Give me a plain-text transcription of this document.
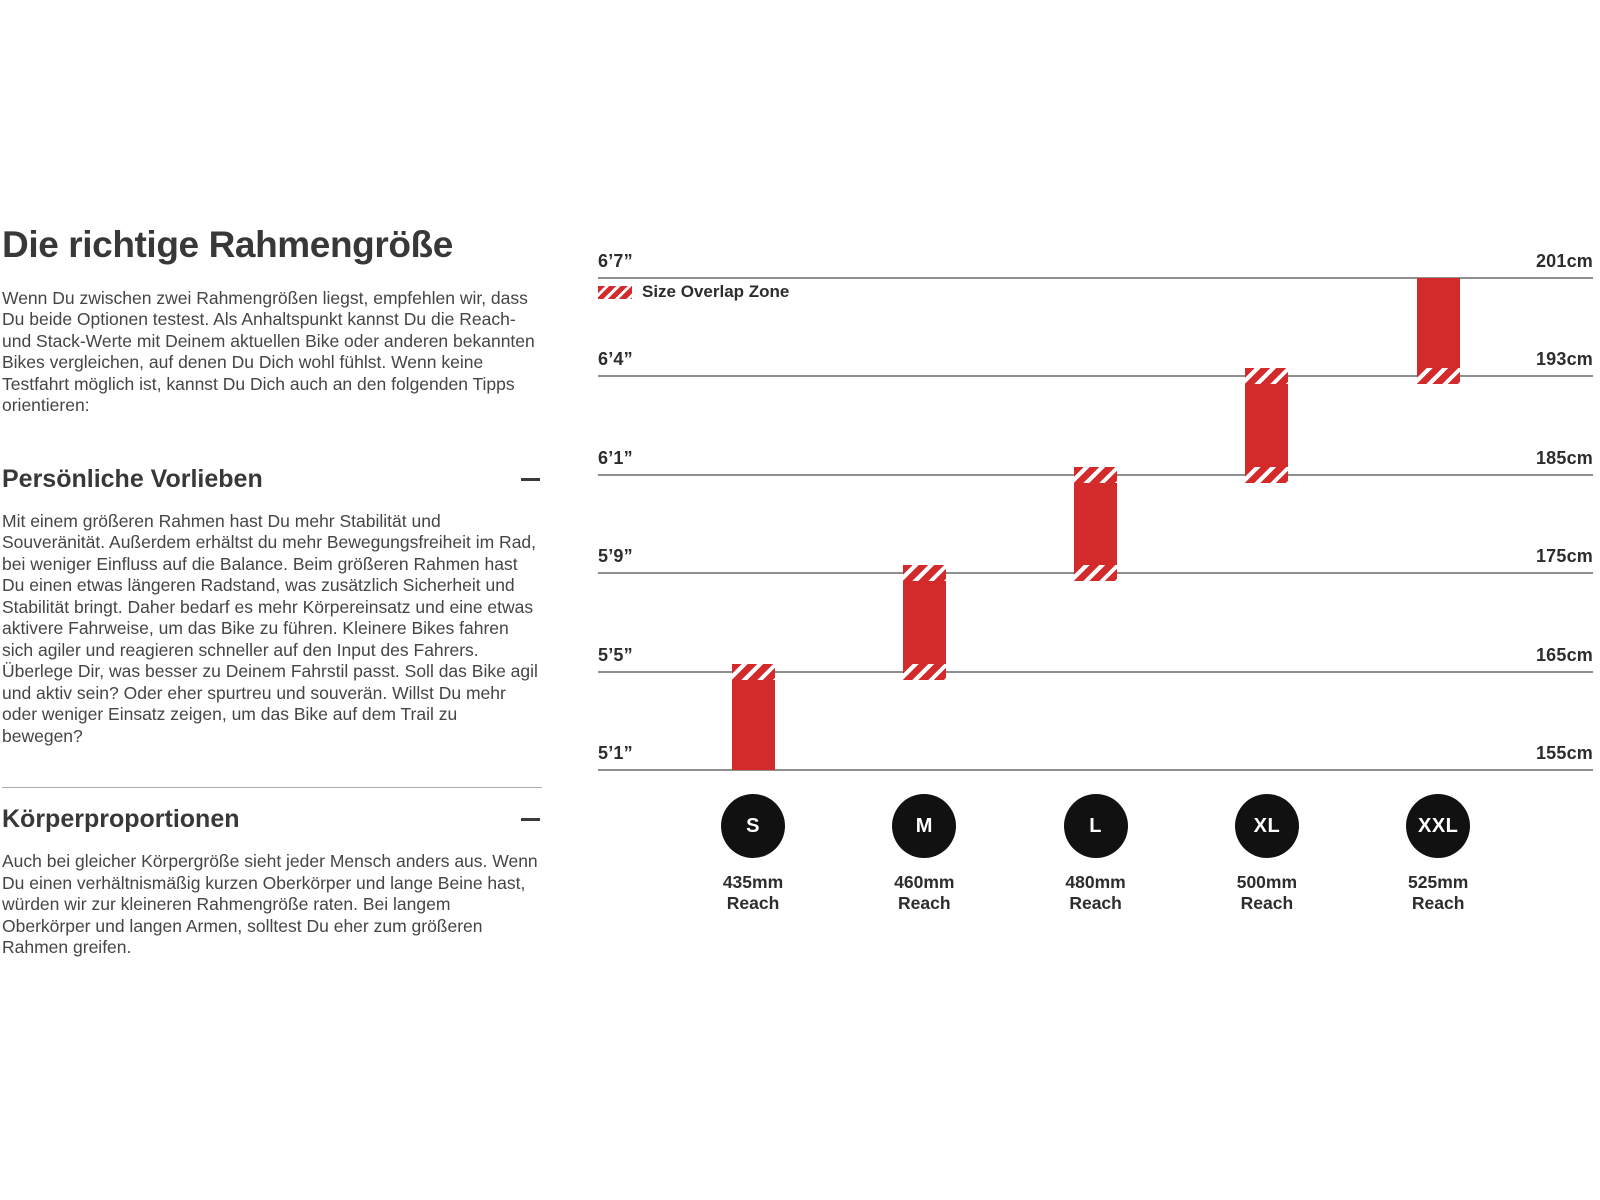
Die richtige Rahmengröße

Wenn Du zwischen zwei Rahmengrößen liegst, empfehlen wir, dass Du beide Optionen testest. Als Anhaltspunkt kannst Du die Reach- und Stack-Werte mit Deinem aktuellen Bike oder anderen bekannten Bikes vergleichen, auf denen Du Dich wohl fühlst. Wenn keine Testfahrt möglich ist, kannst Du Dich auch an den folgenden Tipps orientieren:

Persönliche Vorlieben

Mit einem größeren Rahmen hast Du mehr Stabilität und Souveränität. Außerdem erhältst du mehr Bewegungsfreiheit im Rad, bei weniger Einfluss auf die Balance. Beim größeren Rahmen hast Du einen etwas längeren Radstand, was zusätzlich Sicherheit und Stabilität bringt. Daher bedarf es mehr Körpereinsatz und eine etwas aktivere Fahrweise, um das Bike zu führen. Kleinere Bikes fahren sich agiler und reagieren schneller auf den Input des Fahrers. Überlege Dir, was besser zu Deinem Fahrstil passt. Soll das Bike agil und aktiv sein? Oder eher spurtreu und souverän. Willst Du mehr oder weniger Einsatz zeigen, um das Bike auf dem Trail zu bewegen?

Körperproportionen

Auch bei gleicher Körpergröße sieht jeder Mensch anders aus. Wenn Du einen verhältnismäßig kurzen Oberkörper und lange Beine hast, würden wir zur kleineren Rahmengröße raten. Bei langem Oberkörper und langen Armen, solltest Du eher zum größeren Rahmen greifen.

Size Overlap Zone
6’7”	201cm
6’4”	193cm
6’1”	185cm
5’9”	175cm
5’5”	165cm
5’1”	155cm
S
435mm
Reach
M
460mm
Reach
L
480mm
Reach
XL
500mm
Reach
XXL
525mm
Reach
